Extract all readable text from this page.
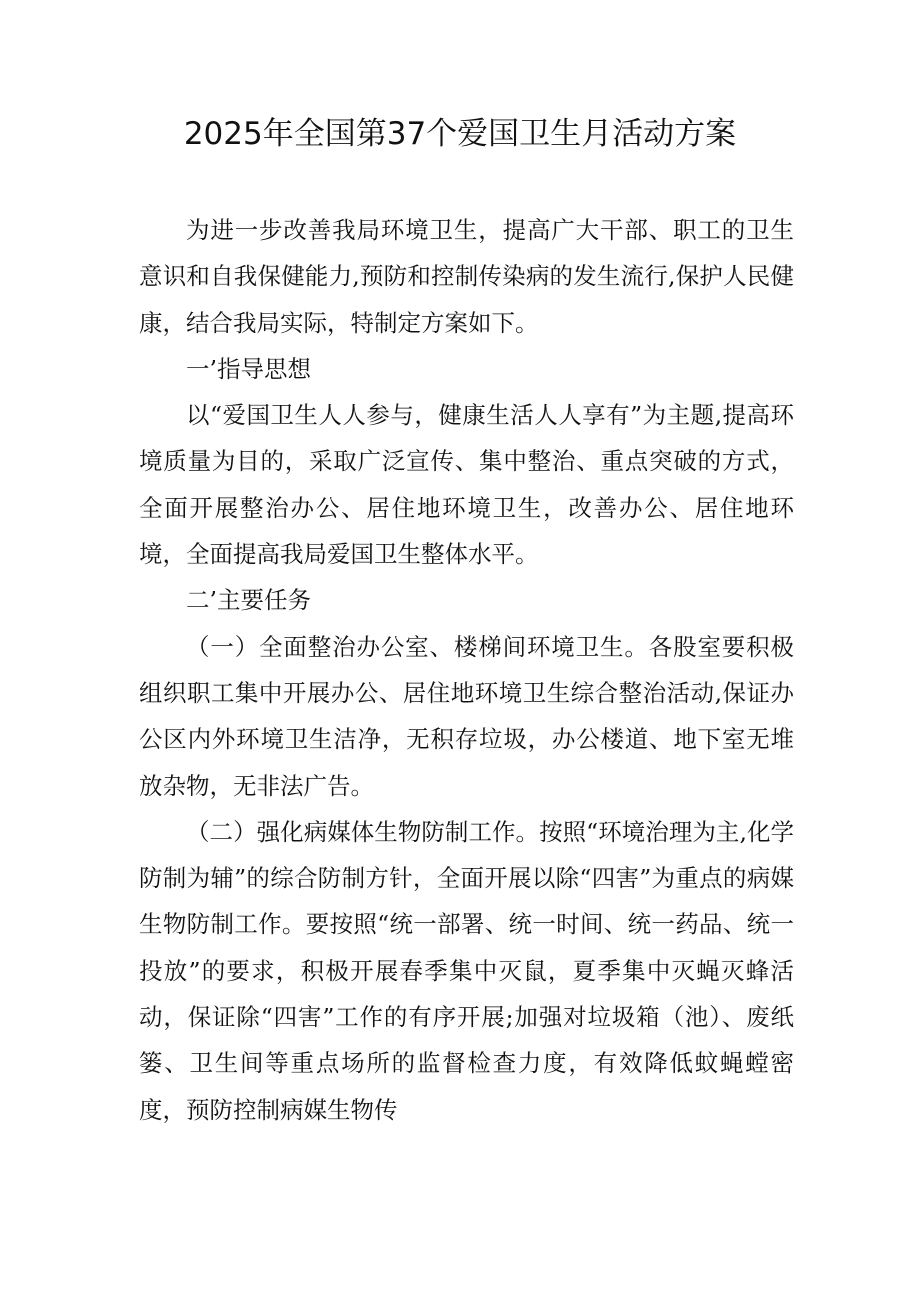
2025年全国第37个爱国卫生月活动方案

为进一步改善我局环境卫生，提高广大干部、职工的卫生意识和自我保健能力,预防和控制传染病的发生流行,保护人民健康，结合我局实际，特制定方案如下。

一’指导思想

以“爱国卫生人人参与，健康生活人人享有”为主题,提高环境质量为目的，采取广泛宣传、集中整治、重点突破的方式，全面开展整治办公、居住地环境卫生，改善办公、居住地环境，全面提高我局爱国卫生整体水平。

二’主要任务

（一）全面整治办公室、楼梯间环境卫生。各股室要积极组织职工集中开展办公、居住地环境卫生综合整治活动,保证办公区内外环境卫生洁净，无积存垃圾，办公楼道、地下室无堆放杂物，无非法广告。

（二）强化病媒体生物防制工作。按照“环境治理为主,化学防制为辅”的综合防制方针，全面开展以除“四害”为重点的病媒生物防制工作。要按照“统一部署、统一时间、统一药品、统一投放”的要求，积极开展春季集中灭鼠，夏季集中灭蝇灭蜂活动，保证除“四害”工作的有序开展;加强对垃圾箱（池）、废纸篓、卫生间等重点场所的监督检查力度，有效降低蚊蝇螳密度，预防控制病媒生物传
